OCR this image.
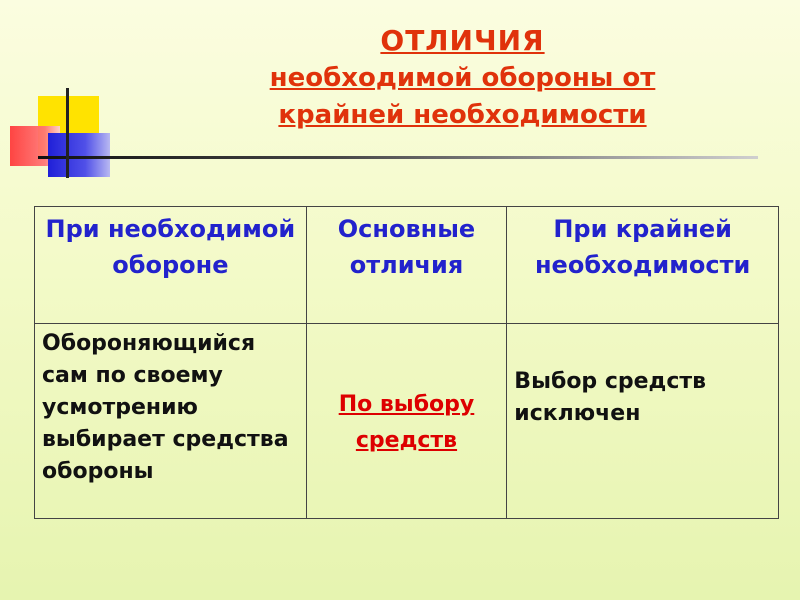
ОТЛИЧИЯ
необходимой обороны от
крайней необходимости
При необходимой обороне	Основные отличия	При крайней необходимости
Обороняющийся сам по своему усмотрению выбирает средства обороны	По выбору средств	Выбор средств исключен
